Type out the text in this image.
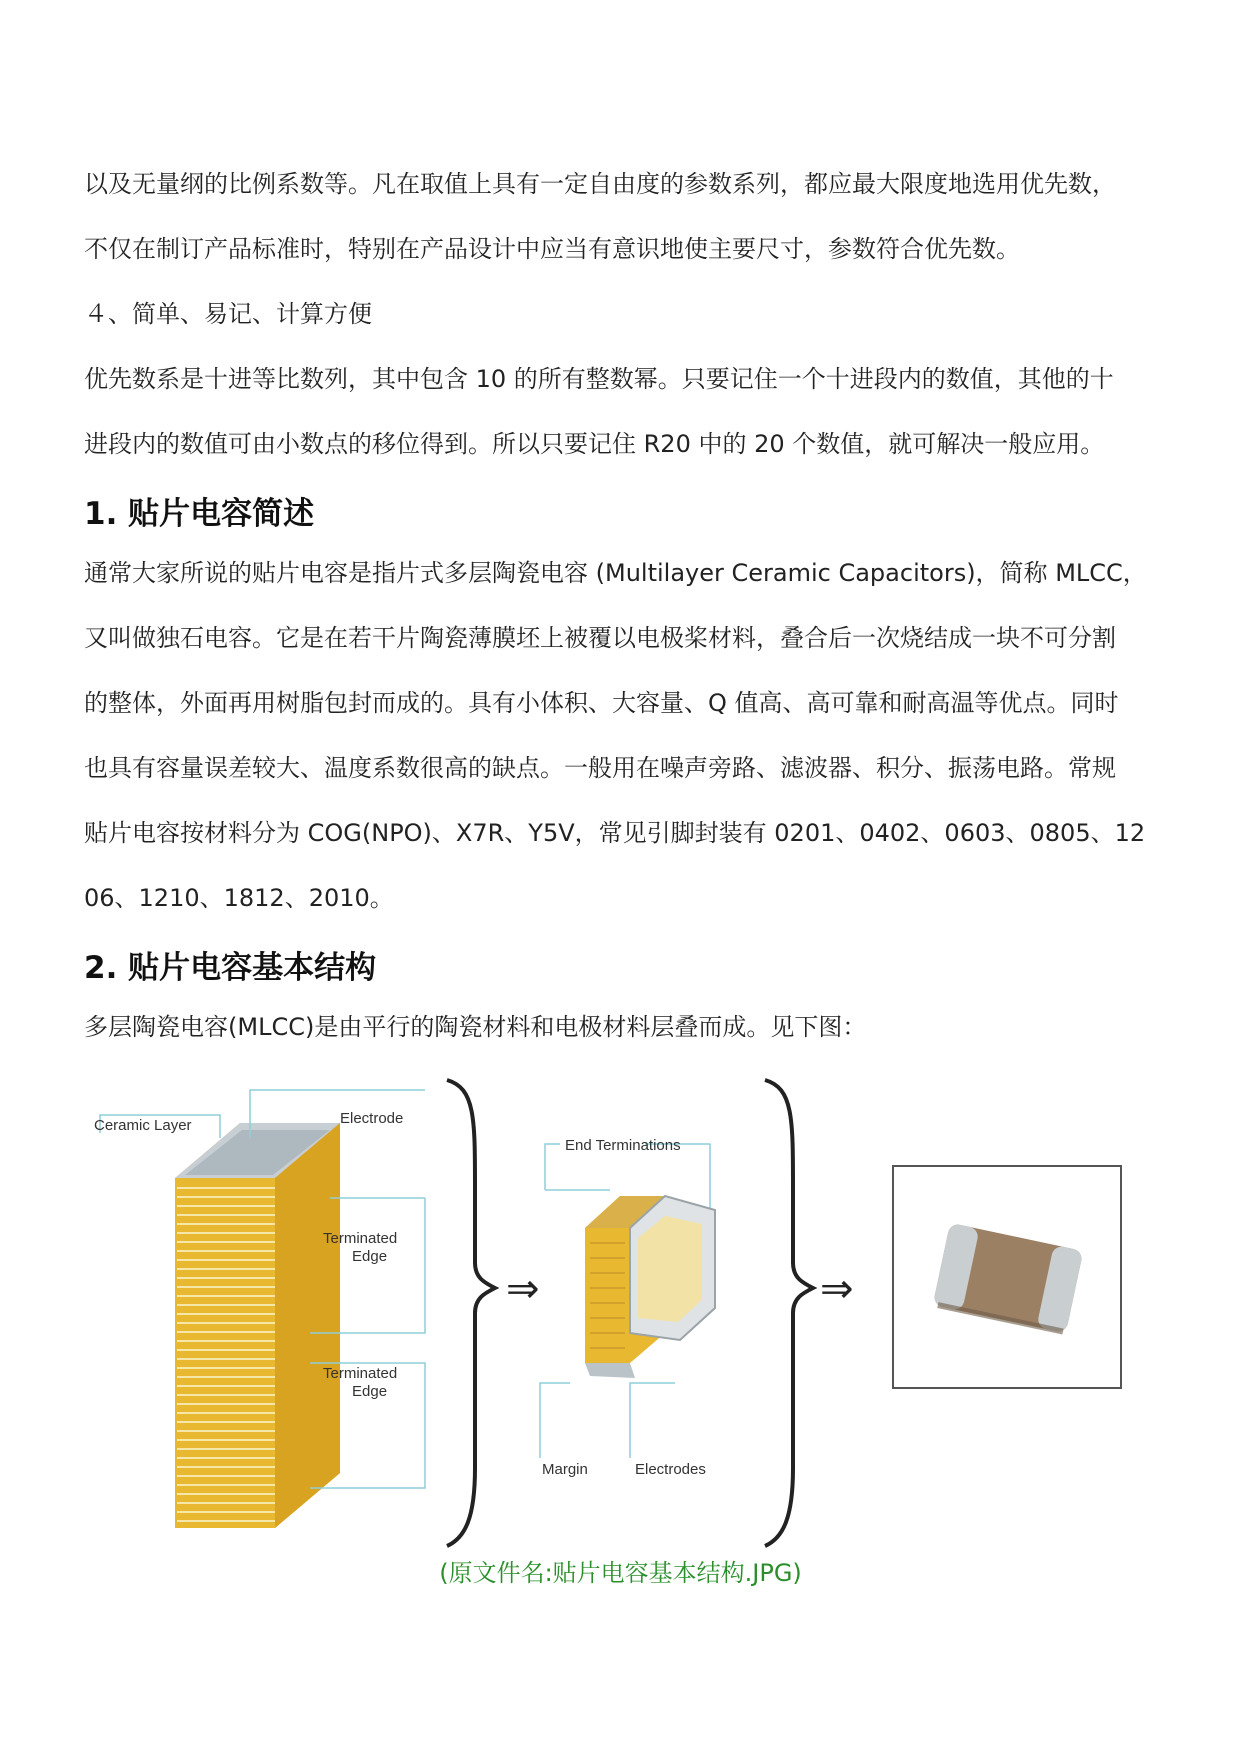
以及无量纲的比例系数等。凡在取值上具有一定自由度的参数系列，都应最大限度地选用优先数，
不仅在制订产品标准时，特别在产品设计中应当有意识地使主要尺寸，参数符合优先数。
４、简单、易记、计算方便
优先数系是十进等比数列，其中包含 10 的所有整数幂。只要记住一个十进段内的数值，其他的十
进段内的数值可由小数点的移位得到。所以只要记住 R20 中的 20 个数值，就可解决一般应用。
1. 贴片电容简述
通常大家所说的贴片电容是指片式多层陶瓷电容 (Multilayer Ceramic Capacitors)，简称 MLCC，
又叫做独石电容。它是在若干片陶瓷薄膜坯上被覆以电极桨材料，叠合后一次烧结成一块不可分割
的整体，外面再用树脂包封而成的。具有小体积、大容量、Q 值高、高可靠和耐高温等优点。同时
也具有容量误差较大、温度系数很高的缺点。一般用在噪声旁路、滤波器、积分、振荡电路。常规
贴片电容按材料分为 COG(NPO)、X7R、Y5V，常见引脚封装有 0201、0402、0603、0805、12
06、1210、1812、2010。
2. 贴片电容基本结构
多层陶瓷电容(MLCC)是由平行的陶瓷材料和电极材料层叠而成。见下图：
Ceramic Layer	Electrode
Terminated
Edge
Terminated
Edge
End Terminations
Margin	Electrodes
⇒	⇒
(原文件名:贴片电容基本结构.JPG)
